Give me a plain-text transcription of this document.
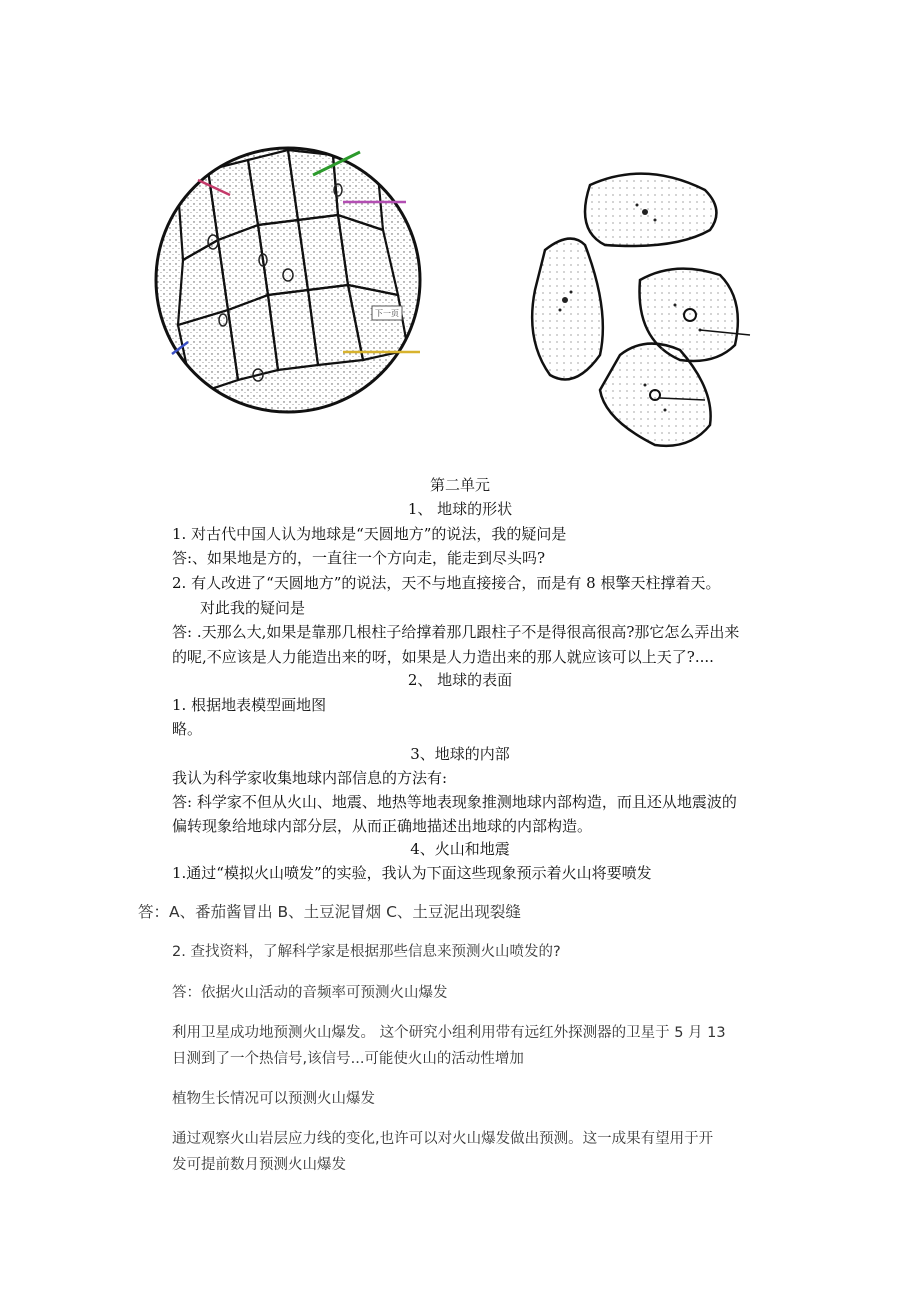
下一页
第二单元
1、 地球的形状
1. 对古代中国人认为地球是“天圆地方”的说法，我的疑问是
答:、如果地是方的，一直往一个方向走，能走到尽头吗?
2. 有人改进了“天圆地方”的说法，天不与地直接接合，而是有 8 根擎天柱撑着天。
对此我的疑问是
答: .天那么大,如果是靠那几根柱子给撑着那几跟柱子不是得很高很高?那它怎么弄出来
的呢,不应该是人力能造出来的呀，如果是人力造出来的那人就应该可以上天了?....
2、 地球的表面
1. 根据地表模型画地图
略。
3、地球的内部
我认为科学家收集地球内部信息的方法有:
答: 科学家不但从火山、地震、地热等地表现象推测地球内部构造，而且还从地震波的
偏转现象给地球内部分层，从而正确地描述出地球的内部构造。
4、火山和地震
1.通过“模拟火山喷发”的实验，我认为下面这些现象预示着火山将要喷发
答：A、番茄酱冒出 B、土豆泥冒烟 C、土豆泥出现裂缝
2. 查找资料，了解科学家是根据那些信息来预测火山喷发的?
答：依据火山活动的音频率可预测火山爆发
利用卫星成功地预测火山爆发。 这个研究小组利用带有远红外探测器的卫星于 5 月 13
日测到了一个热信号,该信号...可能使火山的活动性增加
植物生长情况可以预测火山爆发
通过观察火山岩层应力线的变化,也许可以对火山爆发做出预测。这一成果有望用于开
发可提前数月预测火山爆发
